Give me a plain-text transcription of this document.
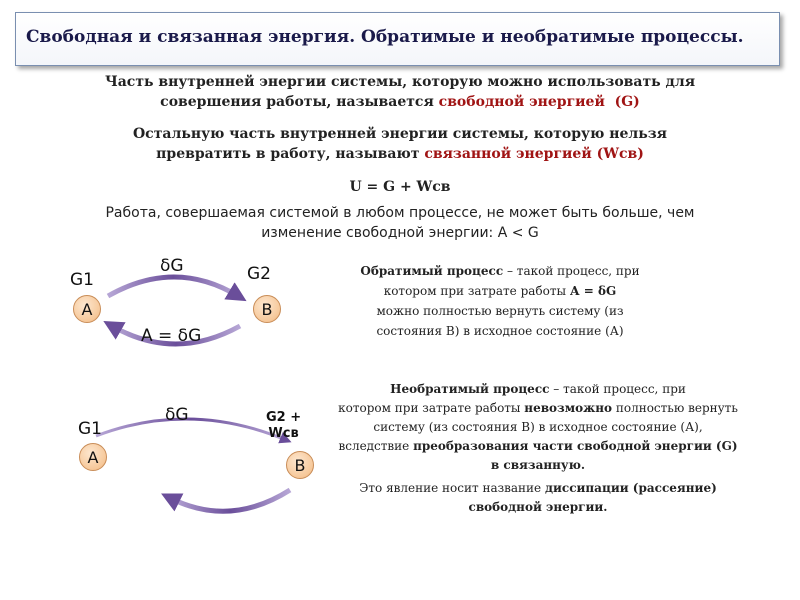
Свободная и связанная энергия. Обратимые и необратимые процессы.
Часть внутренней энергии системы, которую можно использовать для
совершения работы, называется свободной энергией (G)
Остальную часть внутренней энергии системы, которую нельзя
превратить в работу, называют связанной энергией (Wсв)
U = G + Wсв
Работа, совершаемая системой в любом процессе, не может быть больше, чем
изменение свободной энергии: A < G
δG
G1	G2
A	B
A = δG
Обратимый процесс – такой процесс, при
котором при затрате работы А = δG
можно полностью вернуть систему (из
состояния В) в исходное состояние (А)
δG
G1
G2 +
Wсв
A	B
Необратимый процесс – такой процесс, при
котором при затрате работы невозможно полностью вернуть
систему (из состояния В) в исходное состояние (А),
вследствие преобразования части свободной энергии (G)
в связанную.
Это явление носит название диссипации (рассеяние)
свободной энергии.
